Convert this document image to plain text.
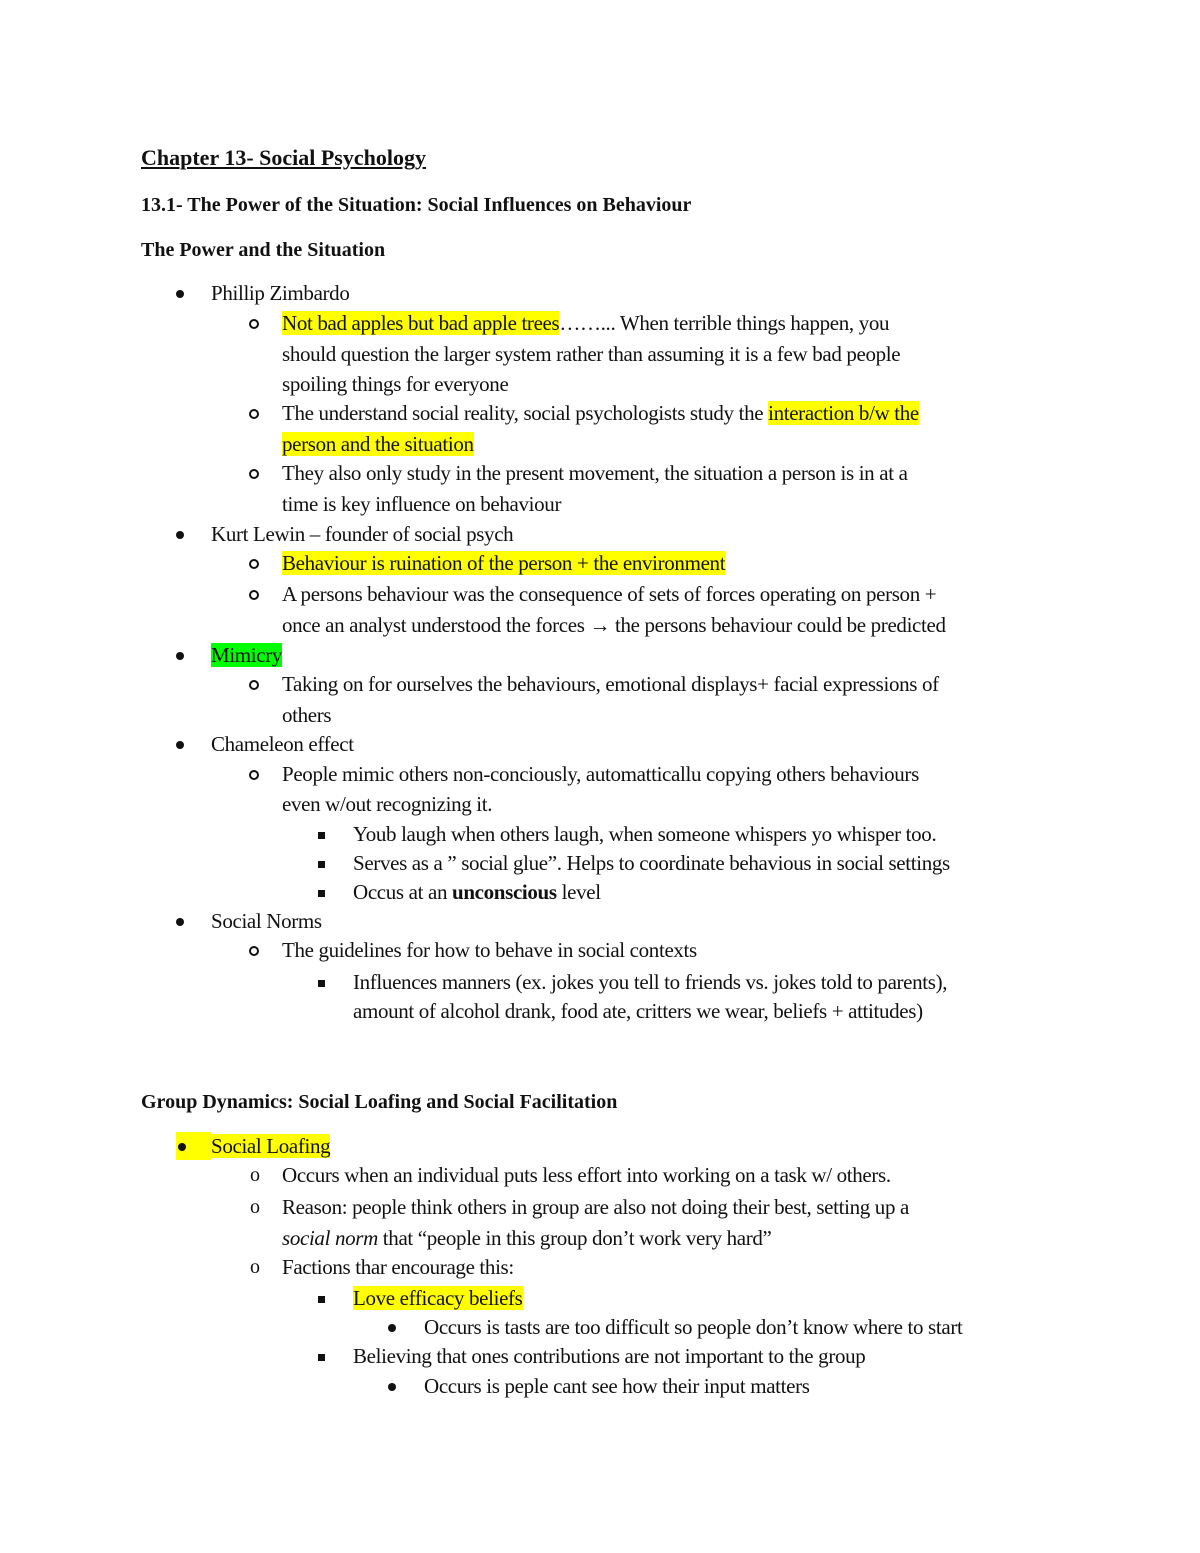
Chapter 13- Social Psychology
13.1- The Power of the Situation: Social Influences on Behaviour
The Power and the Situation
Group Dynamics: Social Loafing and Social Facilitation
Phillip Zimbardo
Not bad apples but bad apple trees……... When terrible things happen, you
should question the larger system rather than assuming it is a few bad people
spoiling things for everyone
The understand social reality, social psychologists study the interaction b/w the
person and the situation
They also only study in the present movement, the situation a person is in at a
time is key influence on behaviour
Kurt Lewin – founder of social psych
Behaviour is ruination of the person + the environment
A persons behaviour was the consequence of sets of forces operating on person +
once an analyst understood the forces → the persons behaviour could be predicted
Mimicry
Taking on for ourselves the behaviours, emotional displays+ facial expressions of
others
Chameleon effect
People mimic others non-conciously, automatticallu copying others behaviours
even w/out recognizing it.
Youb laugh when others laugh, when someone whispers yo whisper too.
Serves as a ” social glue”. Helps to coordinate behavious in social settings
Occus at an unconscious level
Social Norms
The guidelines for how to behave in social contexts
Influences manners (ex. jokes you tell to friends vs. jokes told to parents),
amount of alcohol drank, food ate, critters we wear, beliefs + attitudes)
Social Loafing
o Occurs when an individual puts less effort into working on a task w/ others.
o Reason: people think others in group are also not doing their best, setting up a
social norm that “people in this group don’t work very hard”
o Factions thar encourage this:
Love efficacy beliefs
Occurs is tasts are too difficult so people don’t know where to start
Believing that ones contributions are not important to the group
Occurs is peple cant see how their input matters
